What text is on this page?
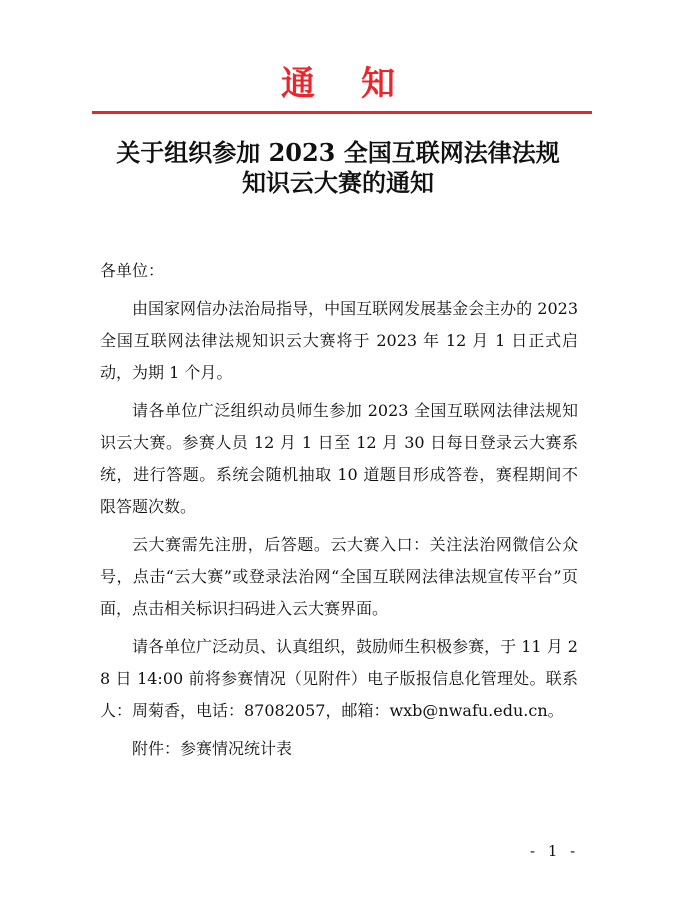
通知
关于组织参加 2023 全国互联网法律法规
知识云大赛的通知

各单位：

由国家网信办法治局指导，中国互联网发展基金会主办的 2023 全国互联网法律法规知识云大赛将于 2023 年 12 月 1 日正式启动，为期 1 个月。

请各单位广泛组织动员师生参加 2023 全国互联网法律法规知识云大赛。参赛人员 12 月 1 日至 12 月 30 日每日登录云大赛系统，进行答题。系统会随机抽取 10 道题目形成答卷，赛程期间不限答题次数。

云大赛需先注册，后答题。云大赛入口：关注法治网微信公众号，点击“云大赛”或登录法治网“全国互联网法律法规宣传平台”页面，点击相关标识扫码进入云大赛界面。

请各单位广泛动员、认真组织，鼓励师生积极参赛，于 11 月 28 日 14:00 前将参赛情况（见附件）电子版报信息化管理处。联系人：周菊香，电话：87082057，邮箱：wxb@nwafu.edu.cn。

附件：参赛情况统计表

- 1 -
